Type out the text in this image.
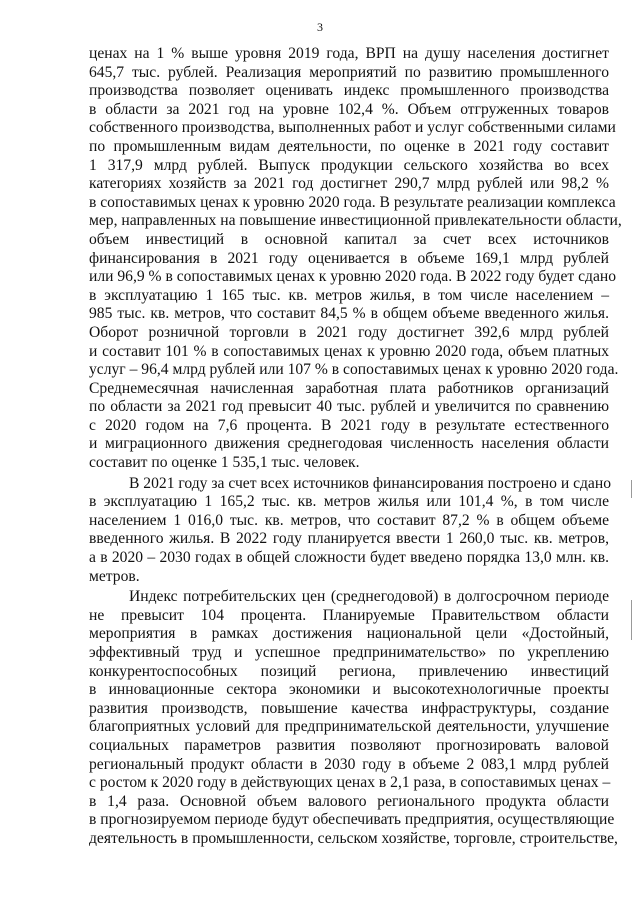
3
ценах на 1 % выше уровня 2019 года, ВРП на душу населения достигнет
645,7 тыс. рублей. Реализация мероприятий по развитию промышленного
производства позволяет оценивать индекс промышленного производства
в области за 2021 год на уровне 102,4 %. Объем отгруженных товаров
собственного производства, выполненных работ и услуг собственными силами
по промышленным видам деятельности, по оценке в 2021 году составит
1 317,9 млрд рублей. Выпуск продукции сельского хозяйства во всех
категориях хозяйств за 2021 год достигнет 290,7 млрд рублей или 98,2 %
в сопоставимых ценах к уровню 2020 года. В результате реализации комплекса
мер, направленных на повышение инвестиционной привлекательности области,
объем инвестиций в основной капитал за счет всех источников
финансирования в 2021 году оценивается в объеме 169,1 млрд рублей
или 96,9 % в сопоставимых ценах к уровню 2020 года. В 2022 году будет сдано
в эксплуатацию 1 165 тыс. кв. метров жилья, в том числе населением –
985 тыс. кв. метров, что составит 84,5 % в общем объеме введенного жилья.
Оборот розничной торговли в 2021 году достигнет 392,6 млрд рублей
и составит 101 % в сопоставимых ценах к уровню 2020 года, объем платных
услуг – 96,4 млрд рублей или 107 % в сопоставимых ценах к уровню 2020 года.
Среднемесячная начисленная заработная плата работников организаций
по области за 2021 год превысит 40 тыс. рублей и увеличится по сравнению
с 2020 годом на 7,6 процента. В 2021 году в результате естественного
и миграционного движения среднегодовая численность населения области
составит по оценке 1 535,1 тыс. человек.
В 2021 году за счет всех источников финансирования построено и сдано
в эксплуатацию 1 165,2 тыс. кв. метров жилья или 101,4 %, в том числе
населением 1 016,0 тыс. кв. метров, что составит 87,2 % в общем объеме
введенного жилья. В 2022 году планируется ввести 1 260,0 тыс. кв. метров,
а в 2020 – 2030 годах в общей сложности будет введено порядка 13,0 млн. кв.
метров.
Индекс потребительских цен (среднегодовой) в долгосрочном периоде
не превысит 104 процента. Планируемые Правительством области
мероприятия в рамках достижения национальной цели «Достойный,
эффективный труд и успешное предпринимательство» по укреплению
конкурентоспособных позиций региона, привлечению инвестиций
в инновационные сектора экономики и высокотехнологичные проекты
развития производств, повышение качества инфраструктуры, создание
благоприятных условий для предпринимательской деятельности, улучшение
социальных параметров развития позволяют прогнозировать валовой
региональный продукт области в 2030 году в объеме 2 083,1 млрд рублей
с ростом к 2020 году в действующих ценах в 2,1 раза, в сопоставимых ценах –
в 1,4 раза. Основной объем валового регионального продукта области
в прогнозируемом периоде будут обеспечивать предприятия, осуществляющие
деятельность в промышленности, сельском хозяйстве, торговле, строительстве,
